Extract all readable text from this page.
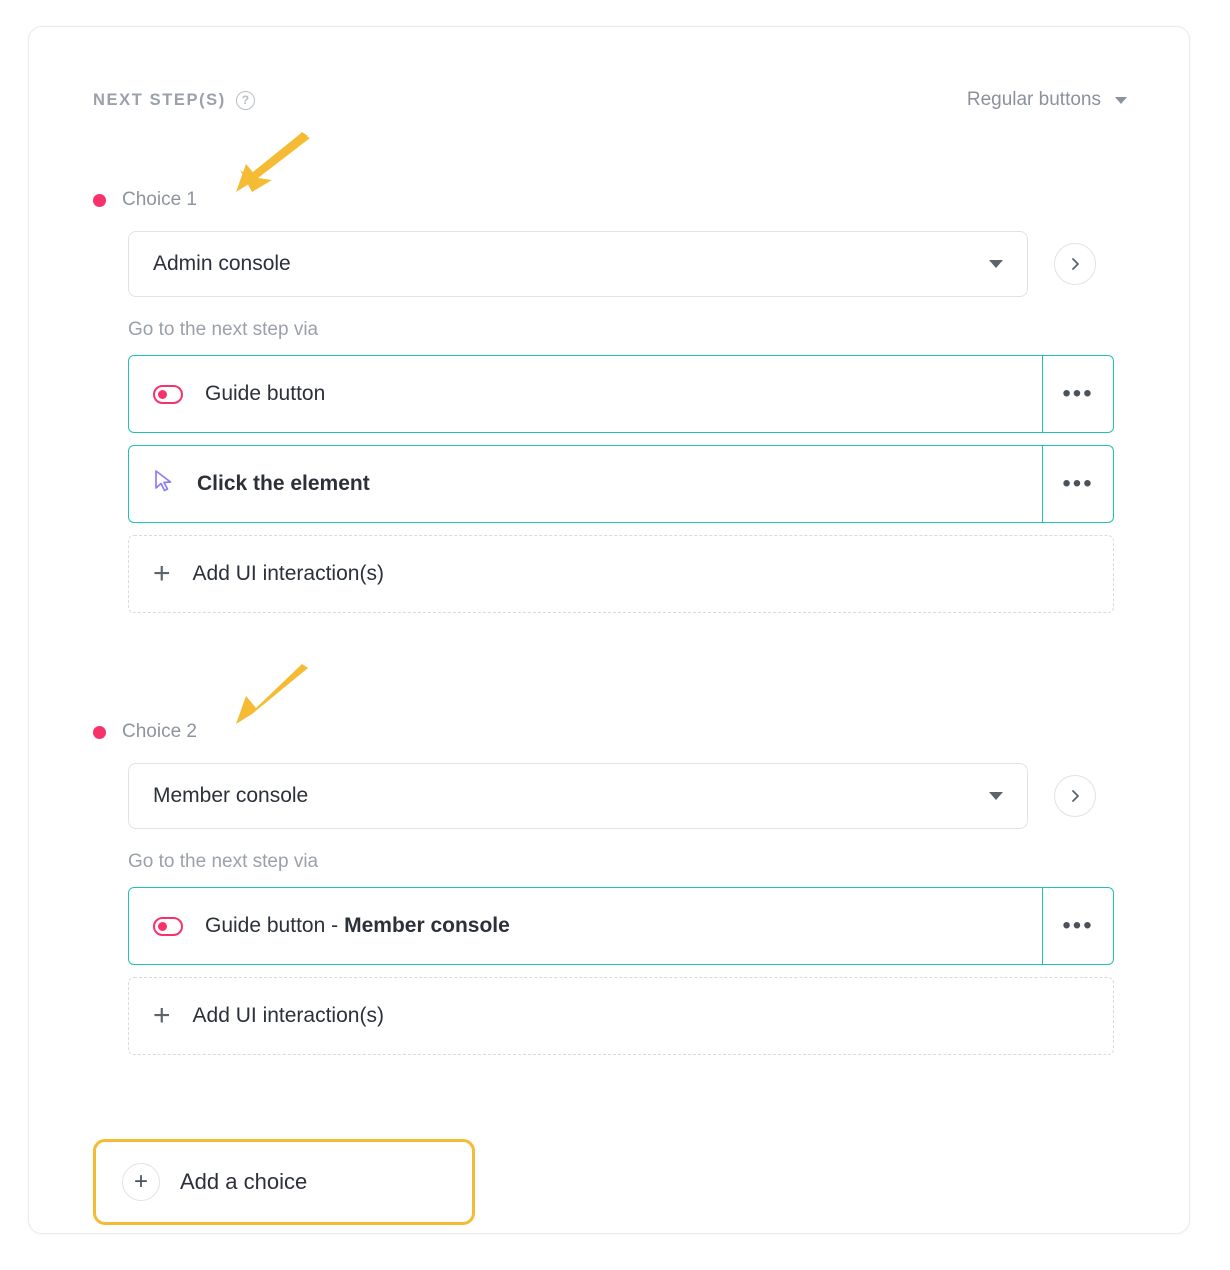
NEXT STEP(S)	?	Regular buttons
Choice 1
Admin console
Go to the next step via
Guide button	•••
Click the element	•••
+ Add UI interaction(s)
Choice 2
Member console
Go to the next step via
Guide button - Member console	•••
+ Add UI interaction(s)
+	Add a choice
